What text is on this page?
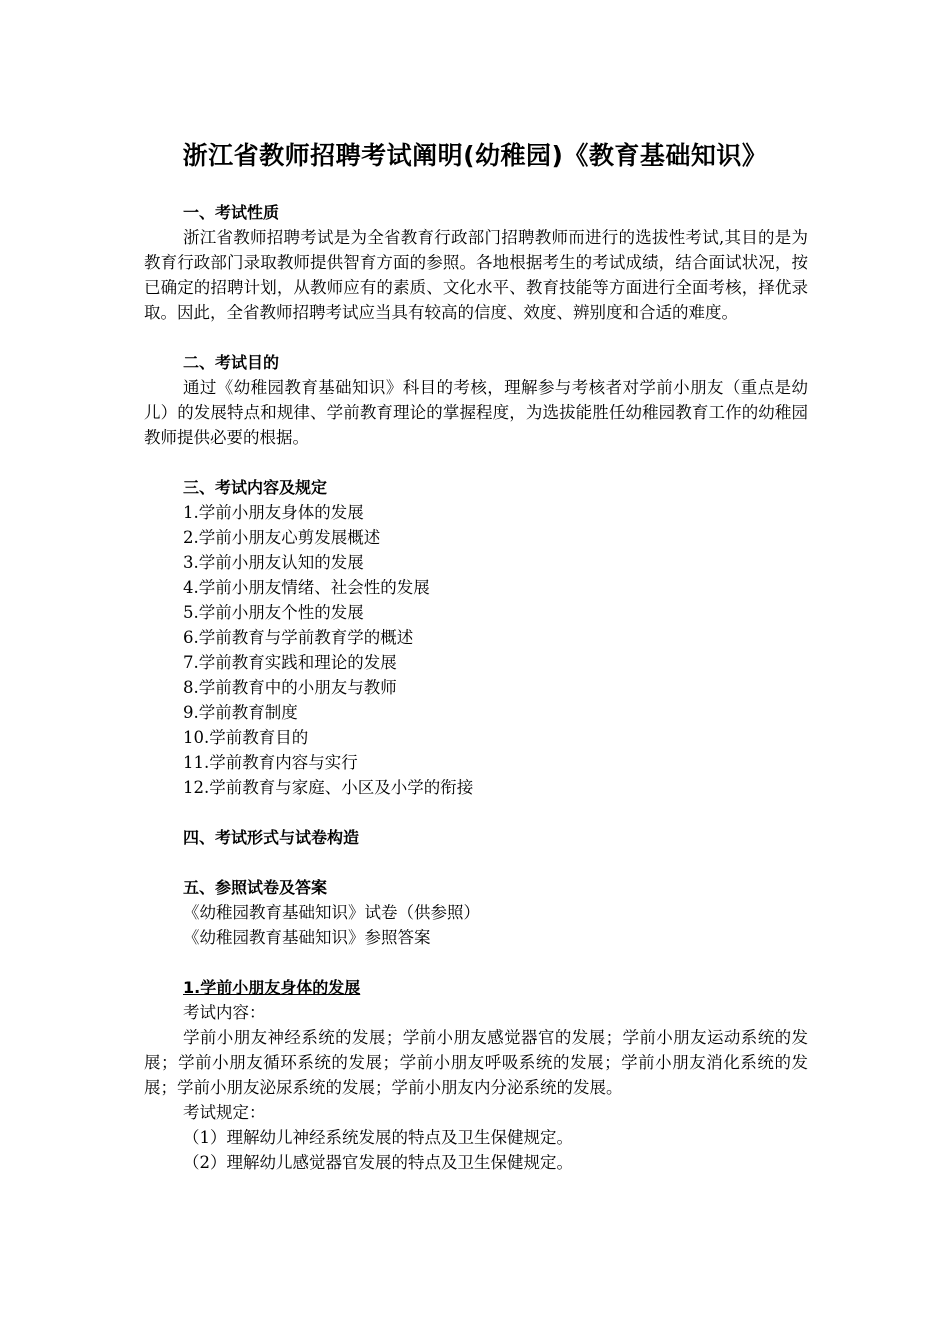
浙江省教师招聘考试阐明(幼稚园)《教育基础知识》
一、考试性质
浙江省教师招聘考试是为全省教育行政部门招聘教师而进行的选拔性考试,其目的是为教育行政部门录取教师提供智育方面的参照。各地根据考生的考试成绩，结合面试状况，按已确定的招聘计划，从教师应有的素质、文化水平、教育技能等方面进行全面考核，择优录取。因此，全省教师招聘考试应当具有较高的信度、效度、辨别度和合适的难度。
二、考试目的
通过《幼稚园教育基础知识》科目的考核，理解参与考核者对学前小朋友（重点是幼儿）的发展特点和规律、学前教育理论的掌握程度，为选拔能胜任幼稚园教育工作的幼稚园教师提供必要的根据。
三、考试内容及规定
1.学前小朋友身体的发展
2.学前小朋友心剪发展概述
3.学前小朋友认知的发展
4.学前小朋友情绪、社会性的发展
5.学前小朋友个性的发展
6.学前教育与学前教育学的概述
7.学前教育实践和理论的发展
8.学前教育中的小朋友与教师
9.学前教育制度
10.学前教育目的
11.学前教育内容与实行
12.学前教育与家庭、小区及小学的衔接
四、考试形式与试卷构造
五、参照试卷及答案
《幼稚园教育基础知识》试卷（供参照）
《幼稚园教育基础知识》参照答案
1.学前小朋友身体的发展
考试内容：
学前小朋友神经系统的发展；学前小朋友感觉器官的发展；学前小朋友运动系统的发展；学前小朋友循环系统的发展；学前小朋友呼吸系统的发展；学前小朋友消化系统的发展；学前小朋友泌尿系统的发展；学前小朋友内分泌系统的发展。
考试规定：
（1）理解幼儿神经系统发展的特点及卫生保健规定。
（2）理解幼儿感觉器官发展的特点及卫生保健规定。
